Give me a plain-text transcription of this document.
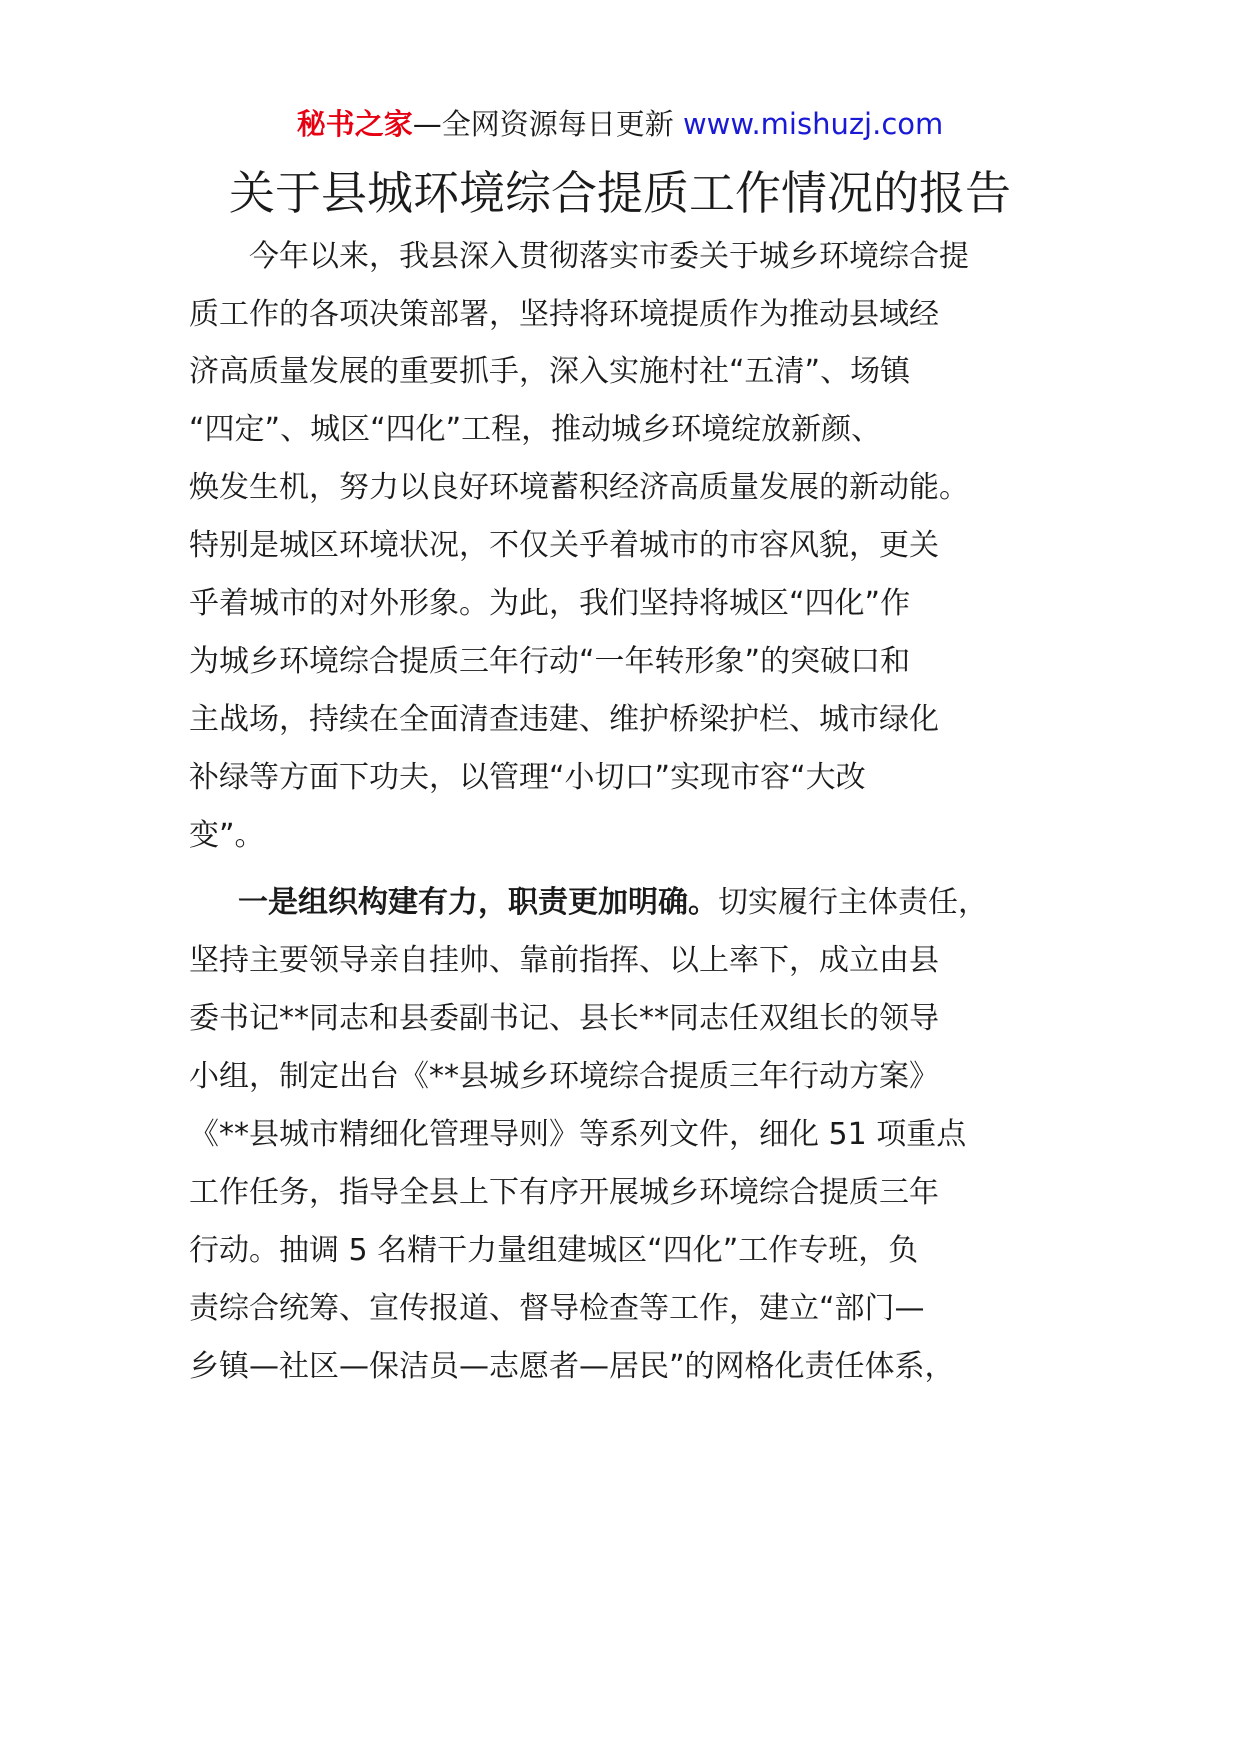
秘书之家—全网资源每日更新 www.mishuzj.com
关于县城环境综合提质工作情况的报告
今年以来，我县深入贯彻落实市委关于城乡环境综合提
质工作的各项决策部署，坚持将环境提质作为推动县域经
济高质量发展的重要抓手，深入实施村社“五清”、场镇
“四定”、城区“四化”工程，推动城乡环境绽放新颜、
焕发生机，努力以良好环境蓄积经济高质量发展的新动能。
特别是城区环境状况，不仅关乎着城市的市容风貌，更关
乎着城市的对外形象。为此，我们坚持将城区“四化”作
为城乡环境综合提质三年行动“一年转形象”的突破口和
主战场，持续在全面清查违建、维护桥梁护栏、城市绿化
补绿等方面下功夫，以管理“小切口”实现市容“大改
变”。
一是组织构建有力，职责更加明确。切实履行主体责任，
坚持主要领导亲自挂帅、靠前指挥、以上率下，成立由县
委书记**同志和县委副书记、县长**同志任双组长的领导
小组，制定出台《**县城乡环境综合提质三年行动方案》
《**县城市精细化管理导则》等系列文件，细化 51 项重点
工作任务，指导全县上下有序开展城乡环境综合提质三年
行动。抽调 5 名精干力量组建城区“四化”工作专班，负
责综合统筹、宣传报道、督导检查等工作，建立“部门—
乡镇—社区—保洁员—志愿者—居民”的网格化责任体系，
